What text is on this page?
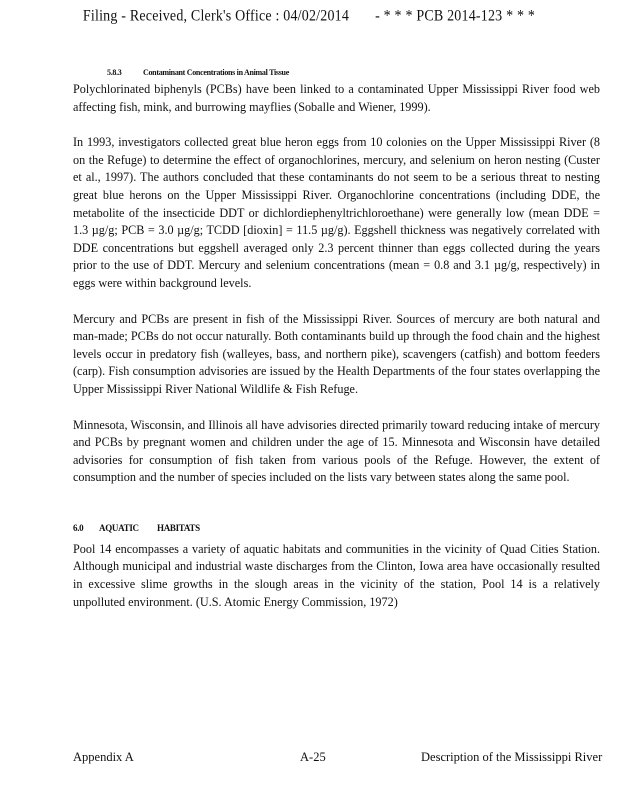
Filing - Received, Clerk's Office : 04/02/2014 - * * * PCB 2014-123 * * *
5.8.3	Contaminant Concentrations in Animal Tissue

Polychlorinated biphenyls (PCBs) have been linked to a contaminated Upper Mississippi River food web affecting fish, mink, and burrowing mayflies (Soballe and Wiener, 1999).

In 1993, investigators collected great blue heron eggs from 10 colonies on the Upper Mississippi River (8 on the Refuge) to determine the effect of organochlorines, mercury, and selenium on heron nesting (Custer et al., 1997). The authors concluded that these contaminants do not seem to be a serious threat to nesting great blue herons on the Upper Mississippi River. Organochlorine concentrations (including DDE, the metabolite of the insecticide DDT or dichlordiephenyltrichloroethane) were generally low (mean DDE = 1.3 µg/g; PCB = 3.0 µg/g; TCDD [dioxin] = 11.5 µg/g). Eggshell thickness was negatively correlated with DDE concentrations but eggshell averaged only 2.3 percent thinner than eggs collected during the years prior to the use of DDT. Mercury and selenium concentrations (mean = 0.8 and 3.1 µg/g, respectively) in eggs were within background levels.

Mercury and PCBs are present in fish of the Mississippi River. Sources of mercury are both natural and man-made; PCBs do not occur naturally. Both contaminants build up through the food chain and the highest levels occur in predatory fish (walleyes, bass, and northern pike), scavengers (catfish) and bottom feeders (carp). Fish consumption advisories are issued by the Health Departments of the four states overlapping the Upper Mississippi River National Wildlife & Fish Refuge.

Minnesota, Wisconsin, and Illinois all have advisories directed primarily toward reducing intake of mercury and PCBs by pregnant women and children under the age of 15. Minnesota and Wisconsin have detailed advisories for consumption of fish taken from various pools of the Refuge. However, the extent of consumption and the number of species included on the lists vary between states along the same pool.

6.0 AQUATIC HABITATS

Pool 14 encompasses a variety of aquatic habitats and communities in the vicinity of Quad Cities Station. Although municipal and industrial waste discharges from the Clinton, Iowa area have occasionally resulted in excessive slime growths in the slough areas in the vicinity of the station, Pool 14 is a relatively unpolluted environment. (U.S. Atomic Energy Commission, 1972)

Appendix A	A-25	Description of the Mississippi River
